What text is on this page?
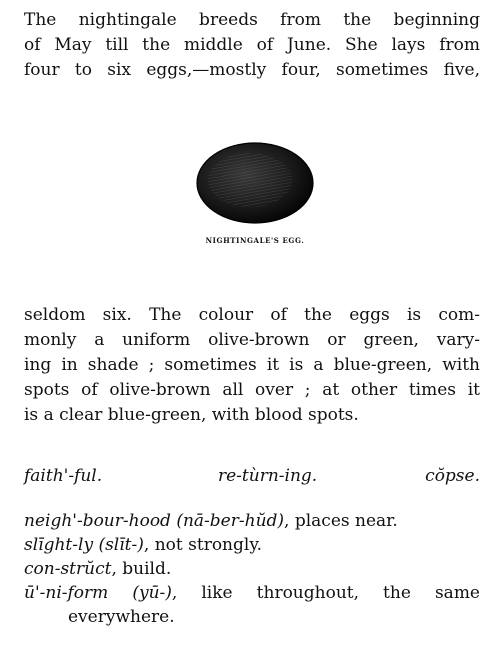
The nightingale breeds from the beginning
of May till the middle of June. She lays from
four to six eggs,—mostly four, sometimes five,

NIGHTINGALE'S EGG.

seldom six. The colour of the eggs is com-
monly a uniform olive-brown or green, vary-
ing in shade ; sometimes it is a blue-green, with
spots of olive-brown all over ; at other times it
is a clear blue-green, with blood spots.

faith'-ful.	re-tùrn-ing.	cŏpse.
neigh'-bour-hood (nā-ber-hŭd), places near.
slīght-ly (slīt-), not strongly.
con-strŭct, build.
ū'-ni-form (yū-), like throughout, the same
everywhere.
